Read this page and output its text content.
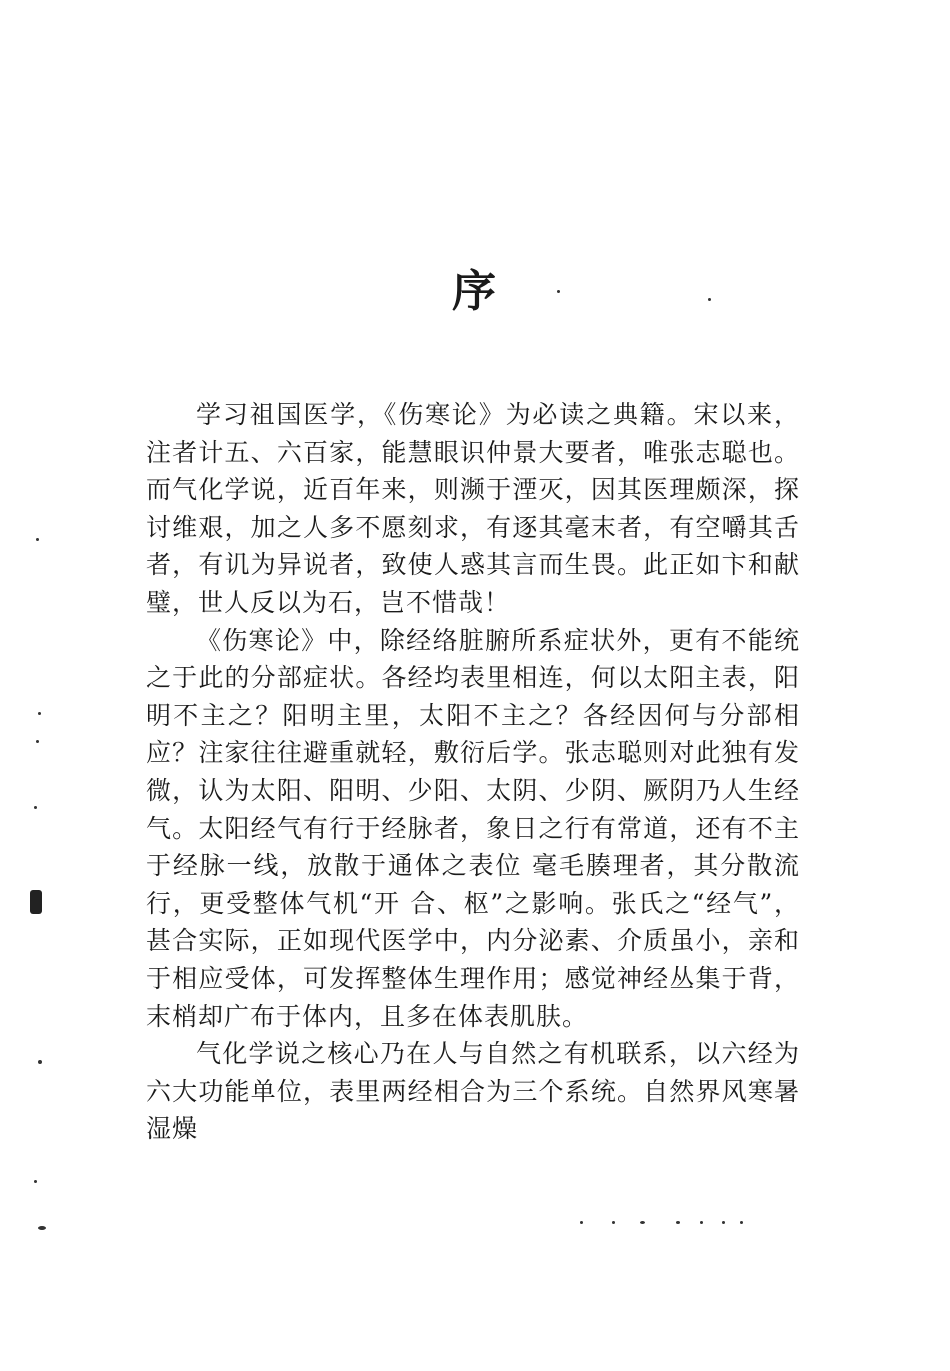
序

学习祖国医学，《伤寒论》为必读之典籍。宋以来，注者计五、六百家，能慧眼识仲景大要者，唯张志聪也。而气化学说，近百年来，则濒于湮灭，因其医理颇深，探讨维艰，加之人多不愿刻求，有逐其毫末者，有空嚼其舌者，有讥为异说者，致使人惑其言而生畏。此正如卞和献璧，世人反以为石，岂不惜哉！

《伤寒论》中，除经络脏腑所系症状外，更有不能统之于此的分部症状。各经均表里相连，何以太阳主表，阳明不主之？阳明主里，太阳不主之？各经因何与分部相应？注家往往避重就轻，敷衍后学。张志聪则对此独有发微，认为太阳、阳明、少阳、太阴、少阴、厥阴乃人生经气。太阳经气有行于经脉者，象日之行有常道，还有不主于经脉一线，放散于通体之表位 毫毛腠理者，其分散流行，更受整体气机“开 合、枢”之影响。张氏之“经气”，甚合实际，正如现代医学中，内分泌素、介质虽小，亲和于相应受体，可发挥整体生理作用；感觉神经丛集于背，末梢却广布于体内，且多在体表肌肤。

气化学说之核心乃在人与自然之有机联系，以六经为六大功能单位，表里两经相合为三个系统。自然界风寒暑湿燥
